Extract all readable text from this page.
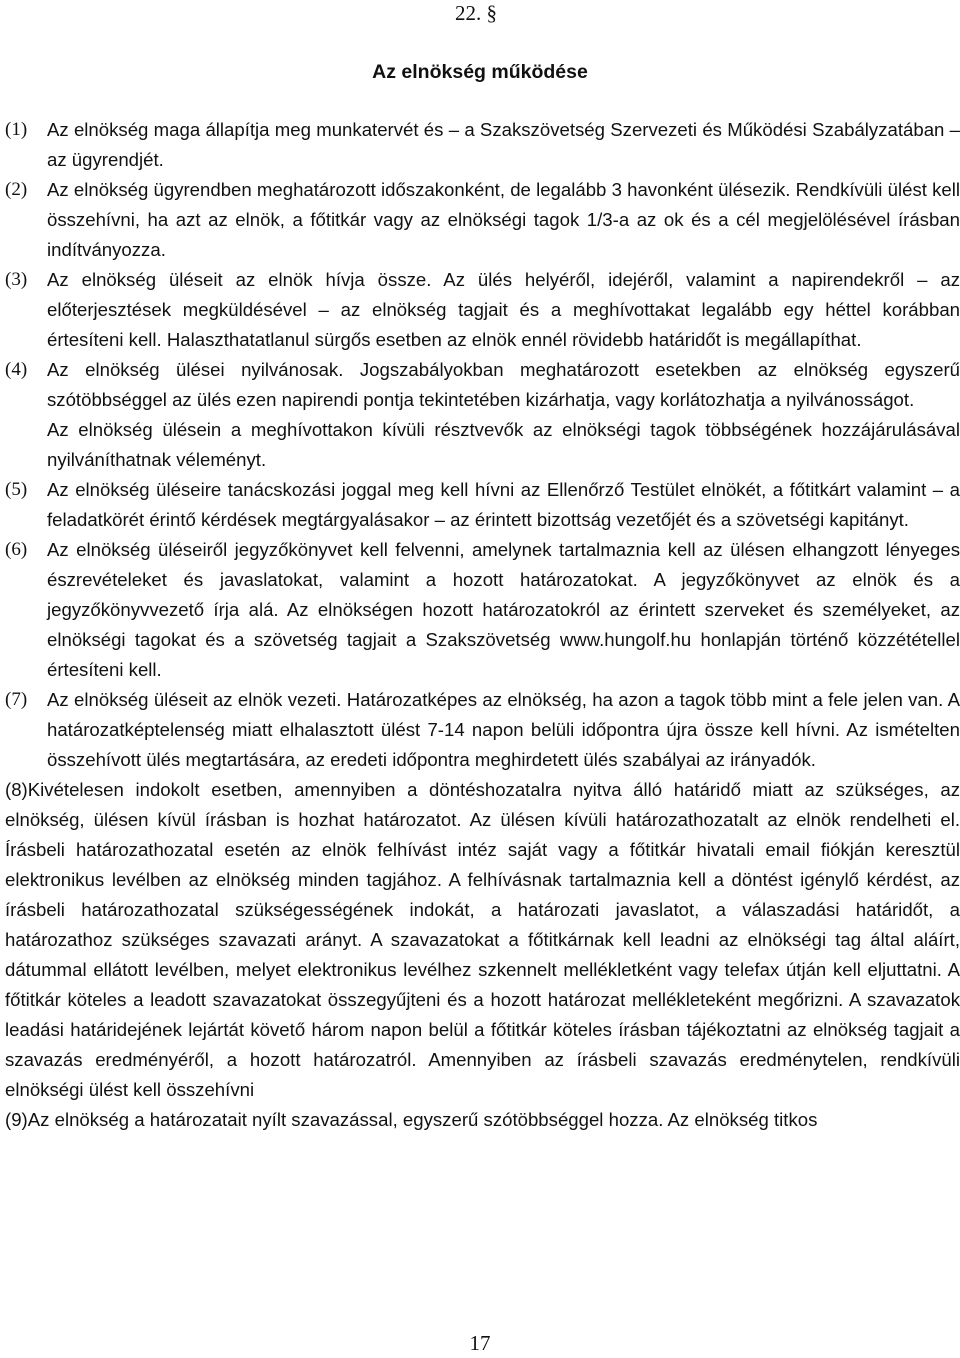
22. §
Az elnökség működése
(1)	Az elnökség maga állapítja meg munkatervét és – a Szakszövetség Szervezeti és Működési Szabályzatában – az ügyrendjét.

(2)	Az elnökség ügyrendben meghatározott időszakonként, de legalább 3 havonként ülésezik. Rendkívüli ülést kell összehívni, ha azt az elnök, a főtitkár vagy az elnökségi tagok 1/3-a az ok és a cél megjelölésével írásban indítványozza.

(3)	Az elnökség üléseit az elnök hívja össze. Az ülés helyéről, idejéről, valamint a napirendekről – az előterjesztések megküldésével – az elnökség tagjait és a meghívottakat legalább egy héttel korábban értesíteni kell. Halaszthatatlanul sürgős esetben az elnök ennél rövidebb határidőt is megállapíthat.

(4)	Az elnökség ülései nyilvánosak. Jogszabályokban meghatározott esetekben az elnökség egyszerű szótöbbséggel az ülés ezen napirendi pontja tekintetében kizárhatja, vagy korlátozhatja a nyilvánosságot.

Az elnökség ülésein a meghívottakon kívüli résztvevők az elnökségi tagok többségének hozzájárulásával nyilváníthatnak véleményt.

(5)	Az elnökség üléseire tanácskozási joggal meg kell hívni az Ellenőrző Testület elnökét, a főtitkárt valamint – a feladatkörét érintő kérdések megtárgyalásakor – az érintett bizottság vezetőjét és a szövetségi kapitányt.

(6)	Az elnökség üléseiről jegyzőkönyvet kell felvenni, amelynek tartalmaznia kell az ülésen elhangzott lényeges észrevételeket és javaslatokat, valamint a hozott határozatokat. A jegyzőkönyvet az elnök és a jegyzőkönyvvezető írja alá. Az elnökségen hozott határozatokról az érintett szerveket és személyeket, az elnökségi tagokat és a szövetség tagjait a Szakszövetség www.hungolf.hu honlapján történő közzététellel értesíteni kell.

(7)	Az elnökség üléseit az elnök vezeti. Határozatképes az elnökség, ha azon a tagok több mint a fele jelen van. A határozatképtelenség miatt elhalasztott ülést 7-14 napon belüli időpontra újra össze kell hívni. Az ismételten összehívott ülés megtartására, az eredeti időpontra meghirdetett ülés szabályai az irányadók.

(8)Kivételesen indokolt esetben, amennyiben a döntéshozatalra nyitva álló határidő miatt az szükséges, az elnökség, ülésen kívül írásban is hozhat határozatot. Az ülésen kívüli határozathozatalt az elnök rendelheti el. Írásbeli határozathozatal esetén az elnök felhívást intéz saját vagy a főtitkár hivatali email fiókján keresztül elektronikus levélben az elnökség minden tagjához. A felhívásnak tartalmaznia kell a döntést igénylő kérdést, az írásbeli határozathozatal szükségességének indokát, a határozati javaslatot, a válaszadási határidőt, a határozathoz szükséges szavazati arányt. A szavazatokat a főtitkárnak kell leadni az elnökségi tag által aláírt, dátummal ellátott levélben, melyet elektronikus levélhez szkennelt mellékletként vagy telefax útján kell eljuttatni. A főtitkár köteles a leadott szavazatokat összegyűjteni és a hozott határozat mellékleteként megőrizni. A szavazatok leadási határidejének lejártát követő három napon belül a főtitkár köteles írásban tájékoztatni az elnökség tagjait a szavazás eredményéről, a hozott határozatról. Amennyiben az írásbeli szavazás eredménytelen, rendkívüli elnökségi ülést kell összehívni

(9)Az elnökség a határozatait nyílt szavazással, egyszerű szótöbbséggel hozza. Az elnökség titkos

17
